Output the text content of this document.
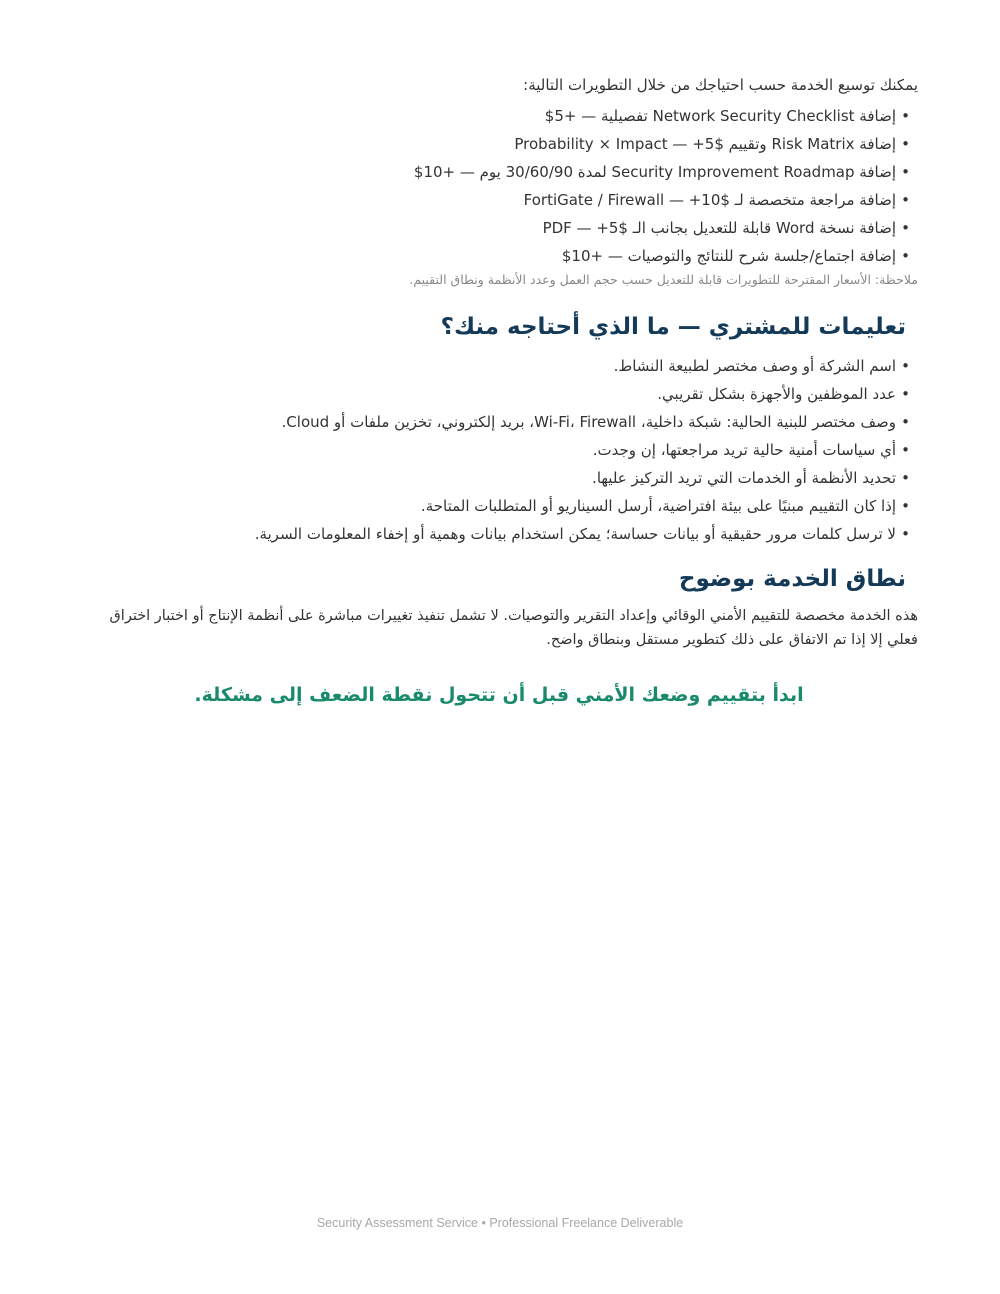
يمكنك توسيع الخدمة حسب احتياجك من خلال التطويرات التالية:

• إضافة Network Security Checklist تفصيلية — +5$
• إضافة Risk Matrix وتقييم Probability × Impact — +5$
• إضافة Security Improvement Roadmap لمدة 30/60/90 يوم — +10$
• إضافة مراجعة متخصصة لـ FortiGate / Firewall — +10$
• إضافة نسخة Word قابلة للتعديل بجانب الـ PDF — +5$
• إضافة اجتماع/جلسة شرح للنتائج والتوصيات — +10$

ملاحظة: الأسعار المقترحة للتطويرات قابلة للتعديل حسب حجم العمل وعدد الأنظمة ونطاق التقييم.

تعليمات للمشتري — ما الذي أحتاجه منك؟
• اسم الشركة أو وصف مختصر لطبيعة النشاط.
• عدد الموظفين والأجهزة بشكل تقريبي.
• وصف مختصر للبنية الحالية: شبكة داخلية، Wi-Fi، Firewall، بريد إلكتروني، تخزين ملفات أو Cloud.
• أي سياسات أمنية حالية تريد مراجعتها، إن وجدت.
• تحديد الأنظمة أو الخدمات التي تريد التركيز عليها.
• إذا كان التقييم مبنيًا على بيئة افتراضية، أرسل السيناريو أو المتطلبات المتاحة.
• لا ترسل كلمات مرور حقيقية أو بيانات حساسة؛ يمكن استخدام بيانات وهمية أو إخفاء المعلومات السرية.
نطاق الخدمة بوضوح

هذه الخدمة مخصصة للتقييم الأمني الوقائي وإعداد التقرير والتوصيات. لا تشمل تنفيذ تغييرات مباشرة على أنظمة الإنتاج أو اختبار اختراق فعلي إلا إذا تم الاتفاق على ذلك كتطوير مستقل وبنطاق واضح.

ابدأ بتقييم وضعك الأمني قبل أن تتحول نقطة الضعف إلى مشكلة.

Security Assessment Service • Professional Freelance Deliverable
